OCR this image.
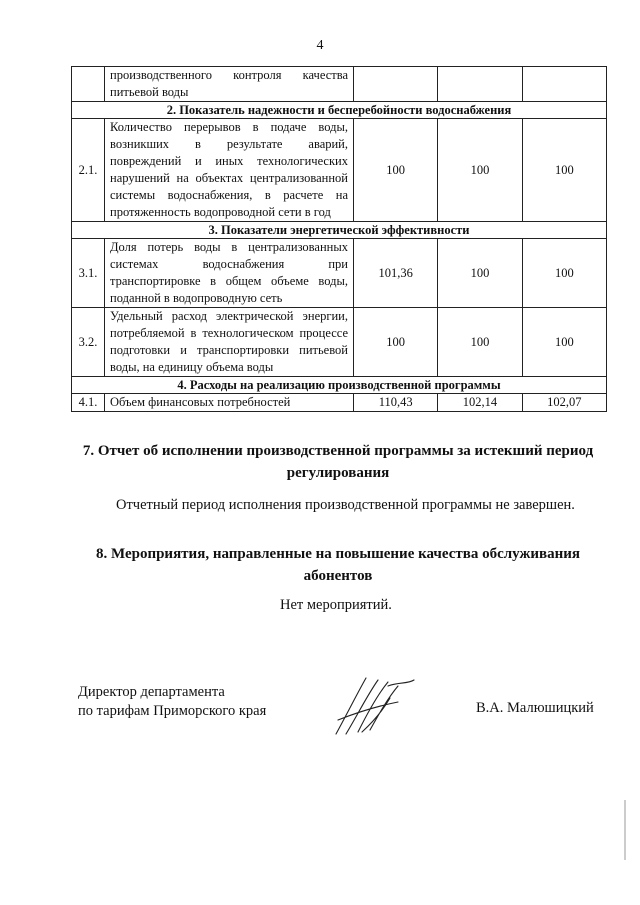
4
	производственного контроля качества питьевой воды			
2. Показатель надежности и бесперебойности водоснабжения				
2.1.	Количество перерывов в подаче воды, возникших в результате аварий, повреждений и иных технологических нарушений на объектах централизованной системы водоснабжения, в расчете на протяженность водопроводной сети в год	100	100	100
3. Показатели энергетической эффективности				
3.1.	Доля потерь воды в централизованных системах водоснабжения при транспортировке в общем объеме воды, поданной в водопроводную сеть	101,36	100	100
3.2.	Удельный расход электрической энергии, потребляемой в технологическом процессе подготовки и транспортировки питьевой воды, на единицу объема воды	100	100	100
4. Расходы на реализацию производственной программы				
4.1.	Объем финансовых потребностей	110,43	102,14	102,07
7. Отчет об исполнении производственной программы за истекший период регулирования
Отчетный период исполнения производственной программы не завершен.
8. Мероприятия, направленные на повышение качества обслуживания абонентов
Нет мероприятий.
Директор департамента
по тарифам Приморского края	В.А. Малюшицкий
